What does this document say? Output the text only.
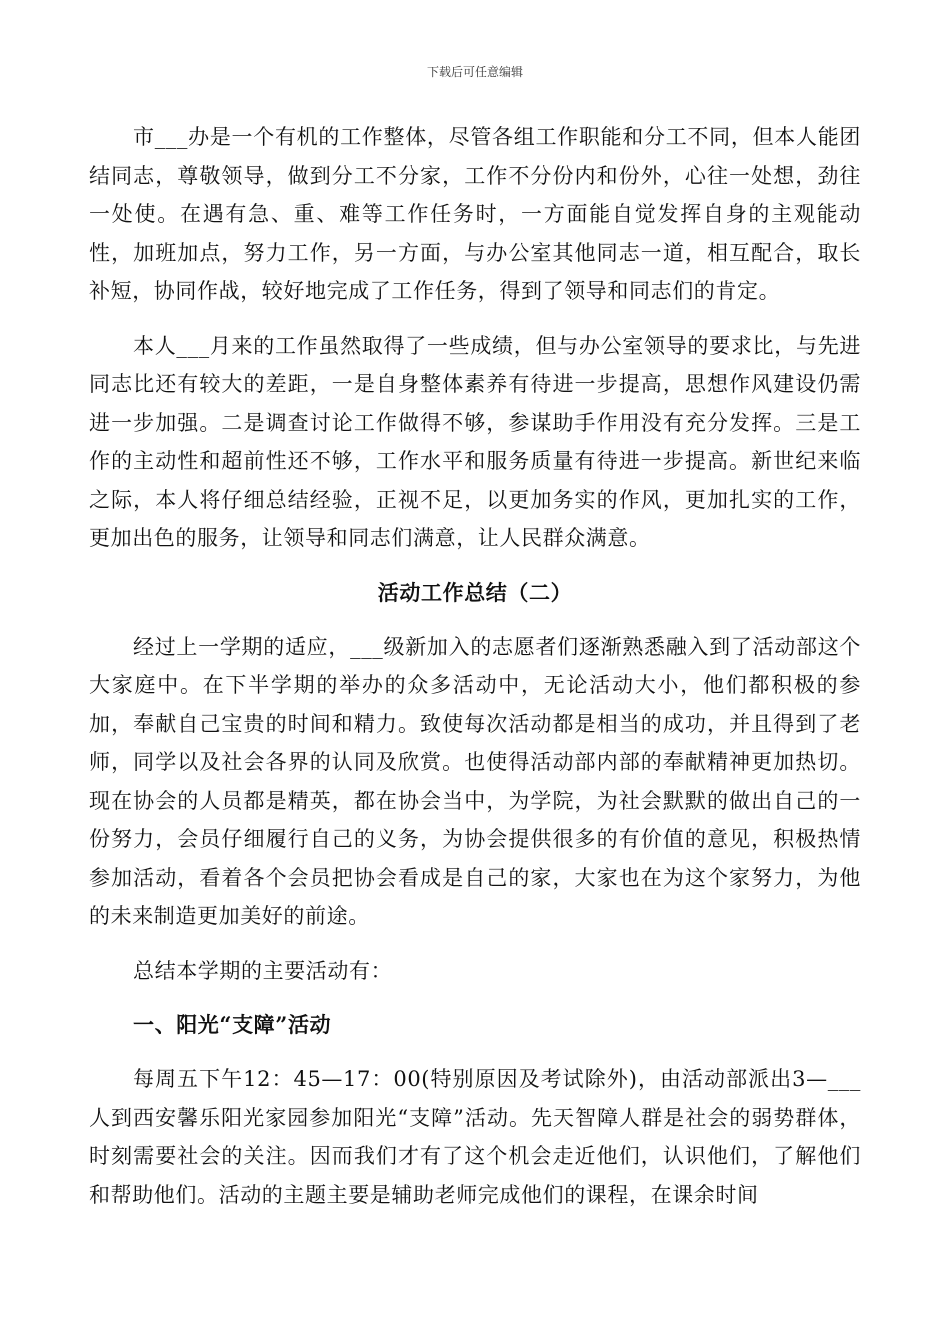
下载后可任意编辑

市___办是一个有机的工作整体，尽管各组工作职能和分工不同，但本人能团结同志，尊敬领导，做到分工不分家，工作不分份内和份外，心往一处想，劲往一处使。在遇有急、重、难等工作任务时，一方面能自觉发挥自身的主观能动性，加班加点，努力工作，另一方面，与办公室其他同志一道，相互配合，取长补短，协同作战，较好地完成了工作任务，得到了领导和同志们的肯定。

本人___月来的工作虽然取得了一些成绩，但与办公室领导的要求比，与先进同志比还有较大的差距，一是自身整体素养有待进一步提高，思想作风建设仍需进一步加强。二是调查讨论工作做得不够，参谋助手作用没有充分发挥。三是工作的主动性和超前性还不够，工作水平和服务质量有待进一步提高。新世纪来临之际，本人将仔细总结经验，正视不足，以更加务实的作风，更加扎实的工作，更加出色的服务，让领导和同志们满意，让人民群众满意。

活动工作总结（二）

经过上一学期的适应，___级新加入的志愿者们逐渐熟悉融入到了活动部这个大家庭中。在下半学期的举办的众多活动中，无论活动大小，他们都积极的参加，奉献自己宝贵的时间和精力。致使每次活动都是相当的成功，并且得到了老师，同学以及社会各界的认同及欣赏。也使得活动部内部的奉献精神更加热切。现在协会的人员都是精英，都在协会当中，为学院，为社会默默的做出自己的一份努力，会员仔细履行自己的义务，为协会提供很多的有价值的意见，积极热情参加活动，看着各个会员把协会看成是自己的家，大家也在为这个家努力，为他的未来制造更加美好的前途。

总结本学期的主要活动有：

一、阳光“支障”活动

每周五下午12：45—17：00(特别原因及考试除外)，由活动部派出3—___人到西安馨乐阳光家园参加阳光“支障”活动。先天智障人群是社会的弱势群体，时刻需要社会的关注。因而我们才有了这个机会走近他们，认识他们，了解他们和帮助他们。活动的主题主要是辅助老师完成他们的课程，在课余时间
